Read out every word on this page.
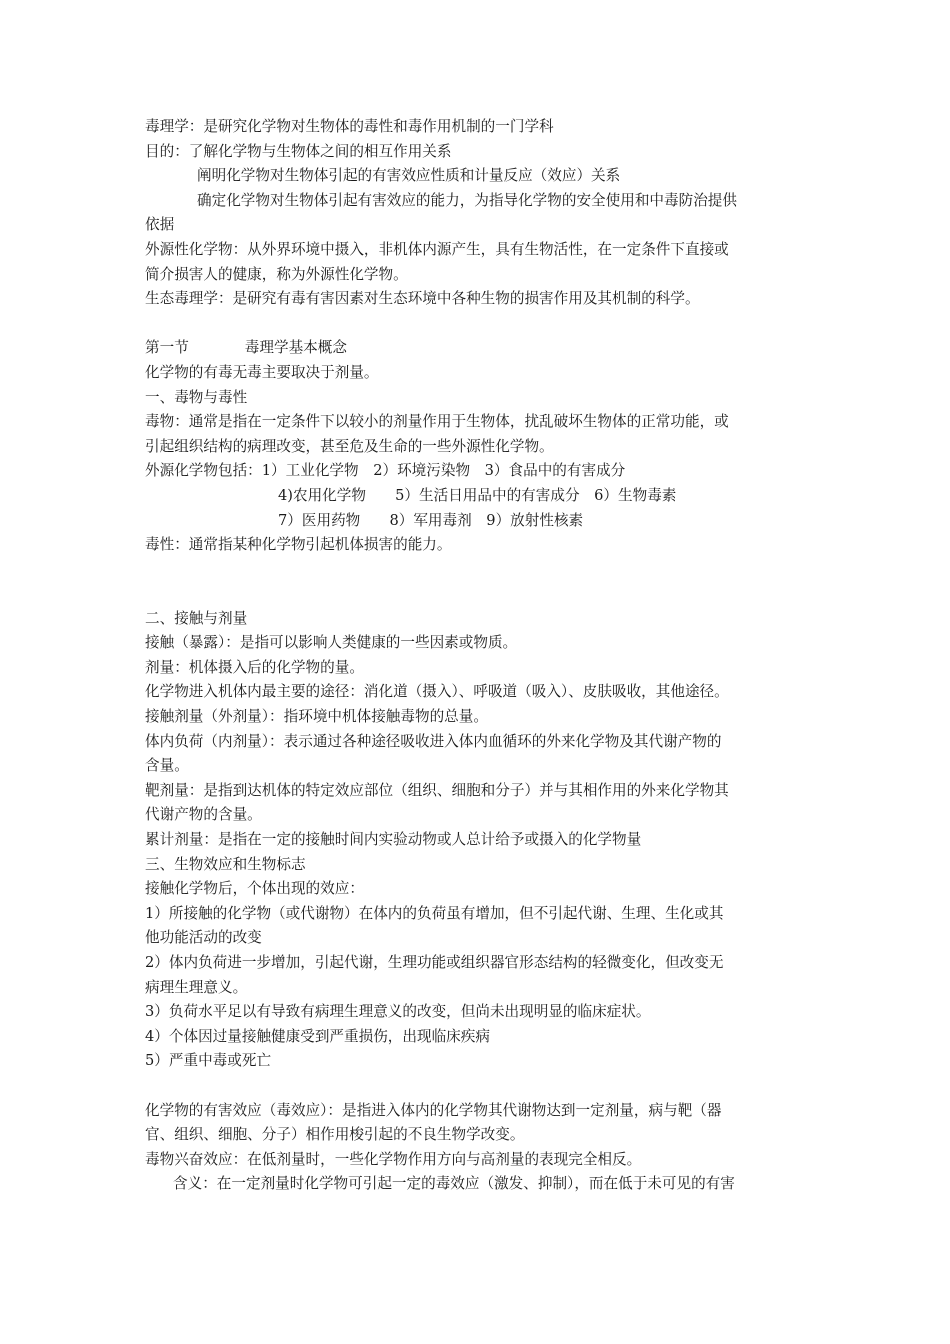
毒理学：是研究化学物对生物体的毒性和毒作用机制的一门学科

目的：了解化学物与生物体之间的相互作用关系

阐明化学物对生物体引起的有害效应性质和计量反应（效应）关系

确定化学物对生物体引起有害效应的能力，为指导化学物的安全使用和中毒防治提供

依据

外源性化学物：从外界环境中摄入，非机体内源产生，具有生物活性，在一定条件下直接或

简介损害人的健康，称为外源性化学物。

生态毒理学：是研究有毒有害因素对生态环境中各种生物的损害作用及其机制的科学。

第一节	毒理学基本概念

化学物的有毒无毒主要取决于剂量。

一、毒物与毒性

毒物：通常是指在一定条件下以较小的剂量作用于生物体，扰乱破坏生物体的正常功能，或

引起组织结构的病理改变，甚至危及生命的一些外源性化学物。

外源化学物包括：1）工业化学物　2）环境污染物　3）食品中的有害成分

4)农用化学物　　5）生活日用品中的有害成分　6）生物毒素

7）医用药物　　8）军用毒剂　9）放射性核素

毒性：通常指某种化学物引起机体损害的能力。

二、接触与剂量

接触（暴露）：是指可以影响人类健康的一些因素或物质。

剂量：机体摄入后的化学物的量。

化学物进入机体内最主要的途径：消化道（摄入）、呼吸道（吸入）、皮肤吸收，其他途径。

接触剂量（外剂量）：指环境中机体接触毒物的总量。

体内负荷（内剂量）：表示通过各种途径吸收进入体内血循环的外来化学物及其代谢产物的

含量。

靶剂量：是指到达机体的特定效应部位（组织、细胞和分子）并与其相作用的外来化学物其

代谢产物的含量。

累计剂量：是指在一定的接触时间内实验动物或人总计给予或摄入的化学物量

三、生物效应和生物标志

接触化学物后，个体出现的效应：

1）所接触的化学物（或代谢物）在体内的负荷虽有增加，但不引起代谢、生理、生化或其

他功能活动的改变

2）体内负荷进一步增加，引起代谢，生理功能或组织器官形态结构的轻微变化，但改变无

病理生理意义。

3）负荷水平足以有导致有病理生理意义的改变，但尚未出现明显的临床症状。

4）个体因过量接触健康受到严重损伤，出现临床疾病

5）严重中毒或死亡

化学物的有害效应（毒效应）：是指进入体内的化学物其代谢物达到一定剂量，病与靶（器

官、组织、细胞、分子）相作用梭引起的不良生物学改变。

毒物兴奋效应：在低剂量时，一些化学物作用方向与高剂量的表现完全相反。

含义：在一定剂量时化学物可引起一定的毒效应（激发、抑制），而在低于未可见的有害
